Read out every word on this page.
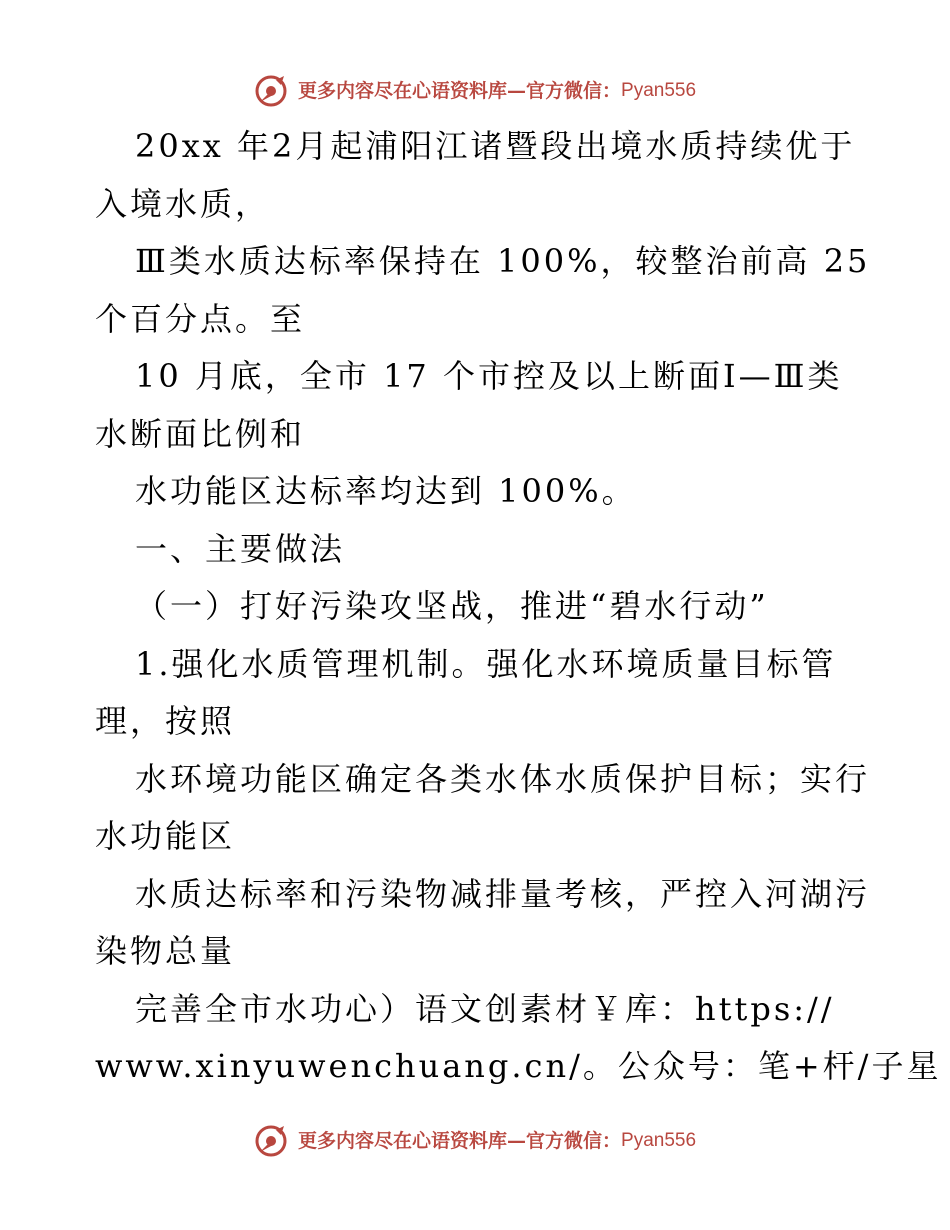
更多内容尽在心语资料库—官方微信：Pyan556
20xx 年2月起浦阳江诸暨段出境水质持续优于
入境水质，
Ⅲ类水质达标率保持在 100%，较整治前高 25
个百分点。至
10 月底，全市 17 个市控及以上断面Ⅰ—Ⅲ类
水断面比例和
水功能区达标率均达到 100%。
一、主要做法
（一）打好污染攻坚战，推进“碧水行动”
1.强化水质管理机制。强化水环境质量目标管
理，按照
水环境功能区确定各类水体水质保护目标；实行
水功能区
水质达标率和污染物减排量考核，严控入河湖污
染物总量
完善全市水功心）语文创素材￥库：https://
www.xinyuwenchuang.cn/。公众号：笔+杆/子星
更多内容尽在心语资料库—官方微信：Pyan556
